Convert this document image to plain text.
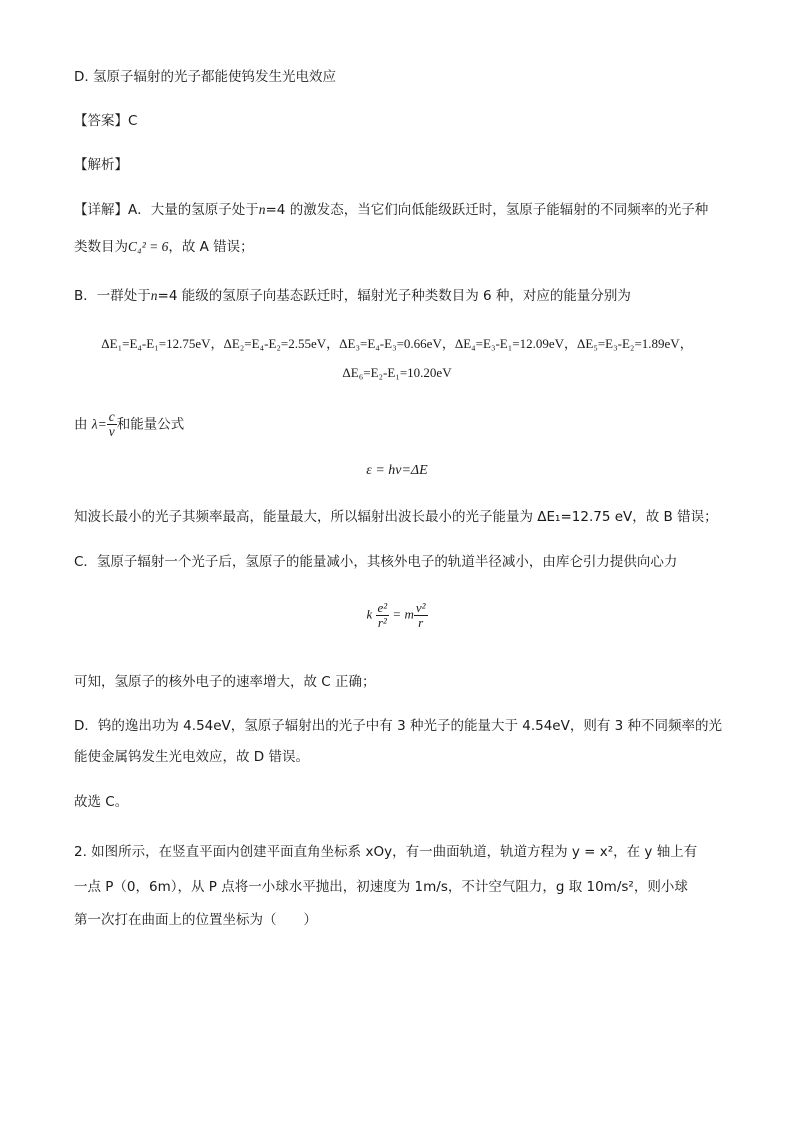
D. 氢原子辐射的光子都能使钨发生光电效应
【答案】C
【解析】
【详解】A．大量的氢原子处于n=4 的激发态，当它们向低能级跃迁时，氢原子能辐射的不同频率的光子种
类数目为C₄² = 6，故 A 错误；
B．一群处于n=4 能级的氢原子向基态跃迁时，辐射光子种类数目为 6 种，对应的能量分别为
ΔE₁=E₄-E₁=12.75eV，ΔE₂=E₄-E₂=2.55eV，ΔE₃=E₄-E₃=0.66eV，ΔE₄=E₃-E₁=12.09eV，ΔE₅=E₃-E₂=1.89eV，
ΔE₆=E₂-E₁=10.20eV
由 $\lambda= \frac{c}{\nu}$ 和能量公式
ε = hν=ΔE
知波长最小的光子其频率最高，能量最大，所以辐射出波长最小的光子能量为 ΔE₁=12.75 eV，故 B 错误；
C．氢原子辐射一个光子后，氢原子的能量减小，其核外电子的轨道半径减小，由库仑引力提供向心力
k $\frac{\text{e²}}{\text{r²}} = m \frac{\text{v²}}{r}$
可知，氢原子的核外电子的速率增大，故 C 正确；
D．钨的逸出功为 4.54eV，氢原子辐射出的光子中有 3 种光子的能量大于 4.54eV，则有 3 种不同频率的光
能使金属钨发生光电效应，故 D 错误。
故选 C。
2. 如图所示，在竖直平面内创建平面直角坐标系 xOy，有一曲面轨道，轨道方程为 y = x²，在 y 轴上有
一点 P（0，6m），从 P 点将一小球水平抛出，初速度为 1m/s，不计空气阻力，g 取 10m/s²，则小球
第一次打在曲面上的位置坐标为（　　）
